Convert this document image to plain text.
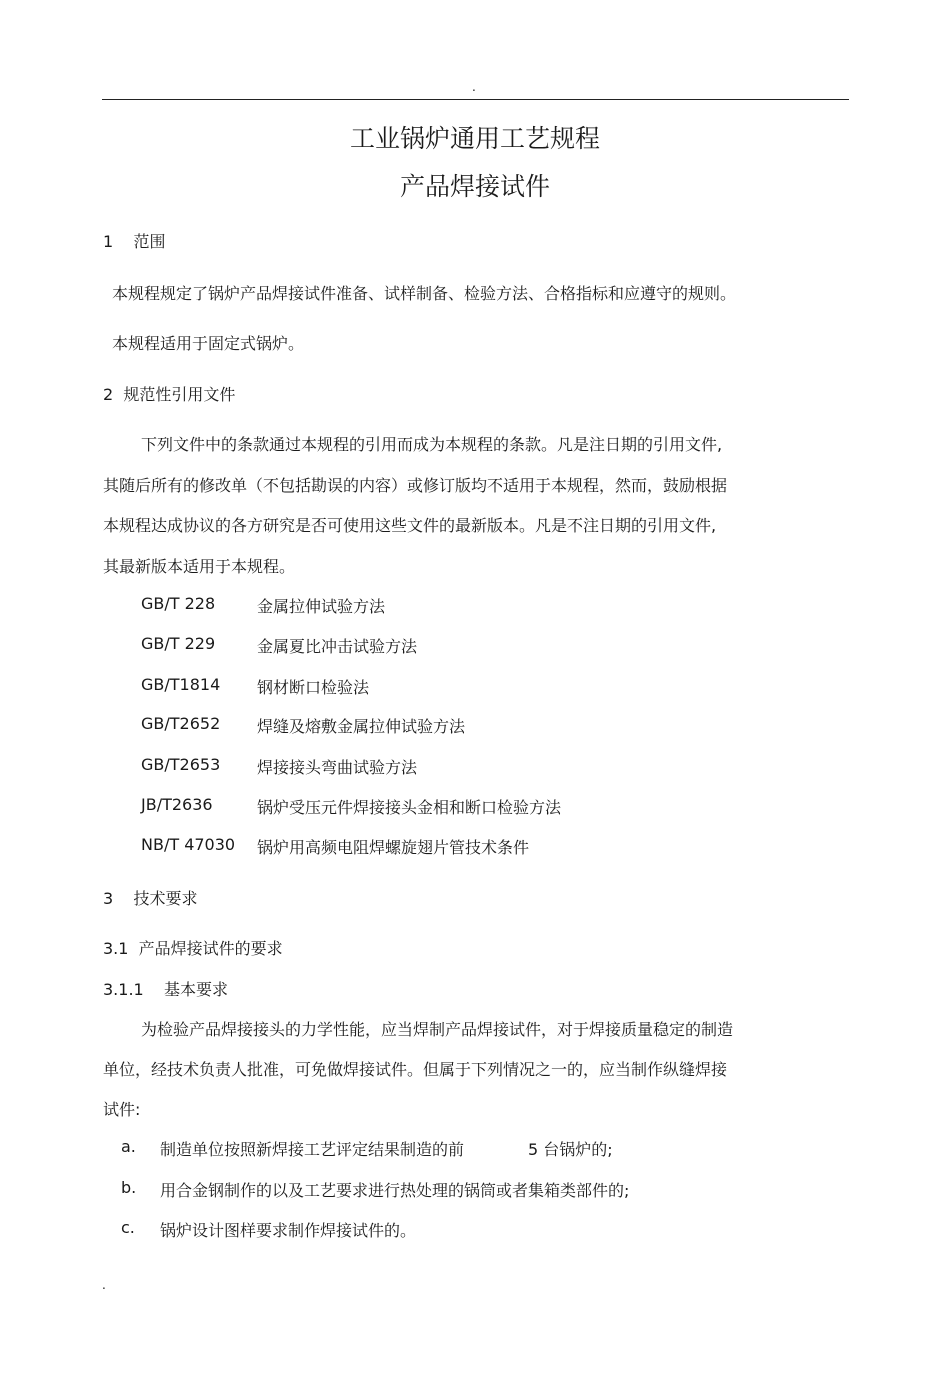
.
工业锅炉通用工艺规程
产品焊接试件
1    范围
本规程规定了锅炉产品焊接试件准备、试样制备、检验方法、合格指标和应遵守的规则。
本规程适用于固定式锅炉。
2  规范性引用文件
下列文件中的条款通过本规程的引用而成为本规程的条款。凡是注日期的引用文件,
其随后所有的修改单（不包括勘误的内容）或修订版均不适用于本规程，然而，鼓励根据
本规程达成协议的各方研究是否可使用这些文件的最新版本。凡是不注日期的引用文件,
其最新版本适用于本规程。
GB/T 228	金属拉伸试验方法
GB/T 229	金属夏比冲击试验方法
GB/T1814 钢材断口检验法
GB/T2652 焊缝及熔敷金属拉伸试验方法
GB/T2653 焊接接头弯曲试验方法
JB/T2636	锅炉受压元件焊接接头金相和断口检验方法
NB/T 47030 锅炉用高频电阻焊螺旋翅片管技术条件
3    技术要求
3.1  产品焊接试件的要求
3.1.1    基本要求
为检验产品焊接接头的力学性能，应当焊制产品焊接试件，对于焊接质量稳定的制造
单位，经技术负责人批准，可免做焊接试件。但属于下列情况之一的，应当制作纵缝焊接
试件:
a. 制造单位按照新焊接工艺评定结果制造的前	5 台锅炉的;
b. 用合金钢制作的以及工艺要求进行热处理的锅筒或者集箱类部件的;
c. 锅炉设计图样要求制作焊接试件的。
.
